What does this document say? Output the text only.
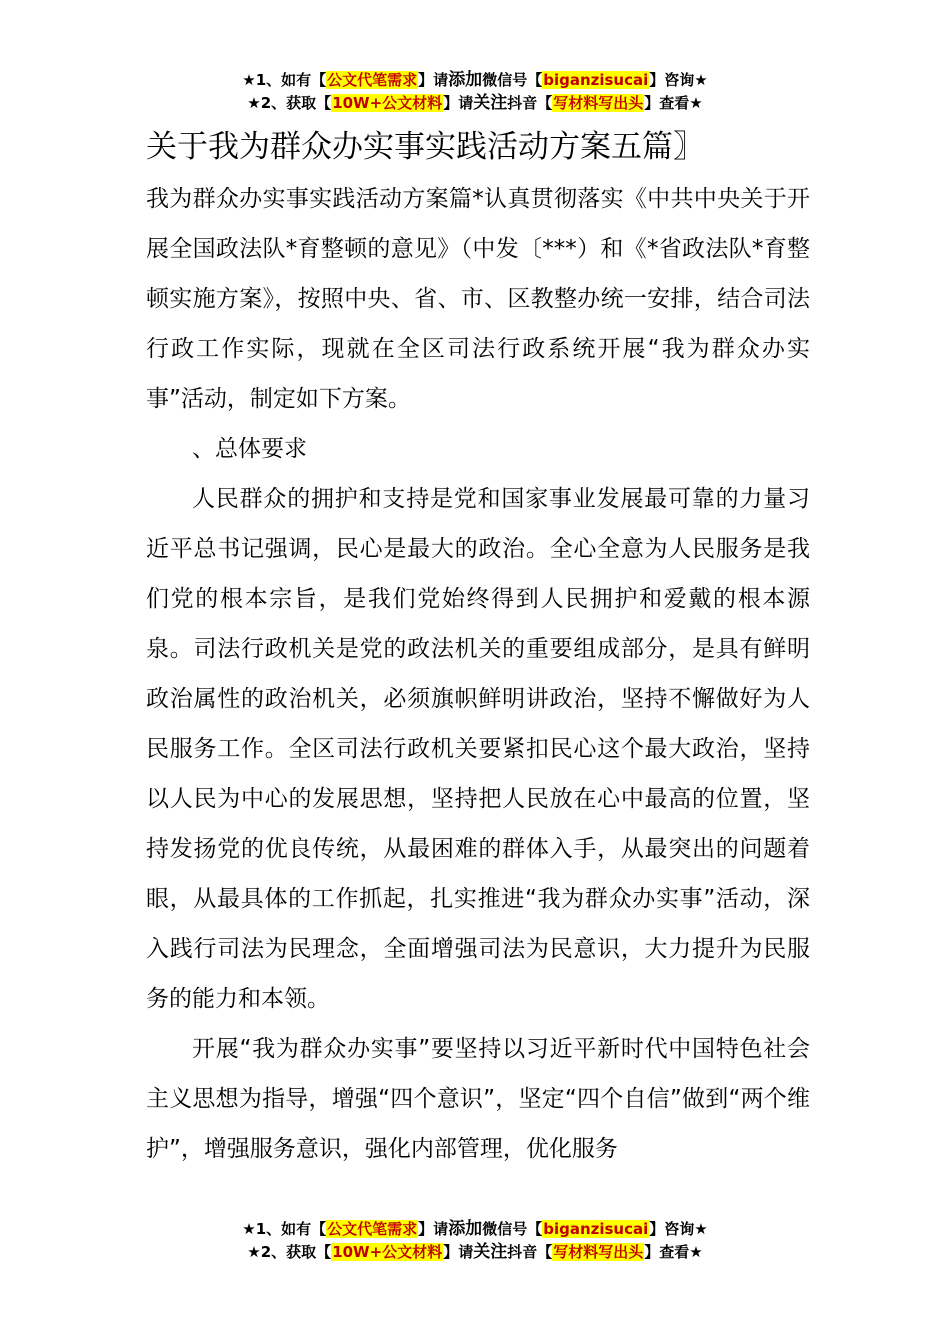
★1、如有【公文代笔需求】请添加微信号【biganzisucai】咨询★
★2、获取【10W+公文材料】请关注抖音【写材料写出头】查看★
关于我为群众办实事实践活动方案五篇〗

我为群众办实事实践活动方案篇*认真贯彻落实《中共中央关于开展全国政法队*育整顿的意见》（中发〔***）和《*省政法队*育整顿实施方案》，按照中央、省、市、区教整办统一安排，结合司法行政工作实际，现就在全区司法行政系统开展“我为群众办实事”活动，制定如下方案。

、总体要求

人民群众的拥护和支持是党和国家事业发展最可靠的力量习近平总书记强调，民心是最大的政治。全心全意为人民服务是我们党的根本宗旨，是我们党始终得到人民拥护和爱戴的根本源泉。司法行政机关是党的政法机关的重要组成部分，是具有鲜明政治属性的政治机关，必须旗帜鲜明讲政治，坚持不懈做好为人民服务工作。全区司法行政机关要紧扣民心这个最大政治，坚持以人民为中心的发展思想，坚持把人民放在心中最高的位置，坚持发扬党的优良传统，从最困难的群体入手，从最突出的问题着眼，从最具体的工作抓起，扎实推进“我为群众办实事”活动，深入践行司法为民理念，全面增强司法为民意识，大力提升为民服务的能力和本领。

开展“我为群众办实事”要坚持以习近平新时代中国特色社会主义思想为指导，增强“四个意识”，坚定“四个自信”做到“两个维护”，增强服务意识，强化内部管理，优化服务

★1、如有【公文代笔需求】请添加微信号【biganzisucai】咨询★
★2、获取【10W+公文材料】请关注抖音【写材料写出头】查看★
